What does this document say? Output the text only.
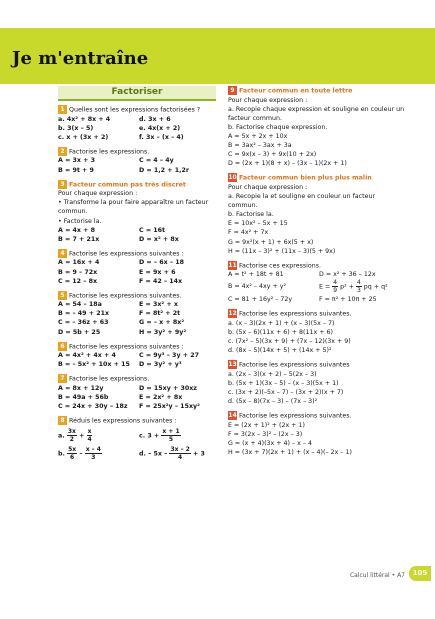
Je m'entraîne
Factoriser

1 Quelles sont les expressions factorisées ?

a. 4x² + 8x + 4	d. 3x + 6
b. 3(x – 5)	e. 4x(x + 2)
c. x + (3x + 2)	f. 3x – (x – 4)

2 Factorise les expressions.

A = 3x + 3	C = 4 – 4y
B = 9t + 9	D = 1,2 + 1,2r

3 Facteur commun pas très discret

Pour chaque expression :

• Transforme la pour faire apparaître un facteur commun.

• Factorise la.

A = 4x + 8	C = 16t
B = 7 + 21x	D = x² + 8x

4 Factorise les expressions suivantes :

A = 16x + 4	D = – 6x – 18
B = 9 – 72x	E = 9x + 6
C = 12 – 8x	F = 42 – 14x

5 Factorise les expressions suivantes.

A = 54 – 18a	E = 3x² + x
B = – 49 + 21x	F = 8t² + 2t
C = – 36z + 63	G = – x + 8x²
D = 5b + 25	H = 3y² + 9y²

6 Factorise les expressions suivantes :

A = 4x² + 4x + 4	C = 9y³ – 3y + 27
B = – 5x² + 10x + 15	D = 3y² + y³

7 Factorise les expressions.

A = 8x + 12y	D = 15xy + 30xz
B = 49a + 56b	E = 2x² + 8x
C = 24x + 30y – 18z	F = 25x²y – 15xy²

8 Réduis les expressions suivantes :

a. $\frac{3x}{2} + \frac{x}{4}$	c. $3 + \frac{x + 1}{5}$
b. $\frac{5x}{6} - \frac{x - 4}{3}$	d. – $5x - \frac{3x - 2}{4} + 3$

9 Facteur commun en toute lettre

Pour chaque expression :

a. Recopie chaque expression et souligne en couleur un facteur commun.

b. Factorise chaque expression.

A = 5x + 2x + 10x

B = 3ax² – 3ax + 3a

C = 9x(x – 3) + 9x(10 + 2x)

D = (2x + 1)(8 + x) – (3x – 1)(2x + 1)

10 Facteur commun bien plus plus malin

Pour chaque expression :

a. Recopie la et souligne en couleur un facteur commun.

b. Factorise la.

E = 10x² – 5x + 15

F = 4x² + 7x

G = 9x²(x + 1) + 6x(5 + x)

H = (11x – 3)² + (11x – 3)(5 + 9x)

11 Factorise ces expressions.

A = t² + 18t + 81	D = x² + 36 – 12x
B = 4x² – 4xy + y²	$E = \frac{4}{9} p^2 + \frac{4}{3}$ pq + q²
C = 81 + 16y² – 72y	F = π² + 10π + 25

12 Factorise les expressions suivantes.

a. (x – 3)(2x + 1) + (x – 3)(5x – 7)

b. (5x – 6)(11x + 6) + 8(11x + 6)

c. (7x² – 5)(3x + 9) + (7x – 12)(3x + 9)

d. (8x – 5)(14x + 5) + (14x + 5)²

13 Factorise les expressions suivantes

a. (2x – 3)(x + 2) – 5(2x – 3)

b. (5x + 1)(3x – 5) – (x – 3)(5x + 1)

c. (3x + 2)(–5x – 7) – (3x + 2)(x + 7)

d. (5x – 8)(7x – 3) – (7x – 3)²

14 Factorise les expressions suivantes.

E = (2x + 1)² + (2x + 1)

F = 3(2x – 3)² – (2x – 3)

G = (x + 4)(3x + 4) – x – 4

H = (3x + 7)(2x + 1) + (x – 4)(– 2x – 1)

Calcul littéral • A7	105
